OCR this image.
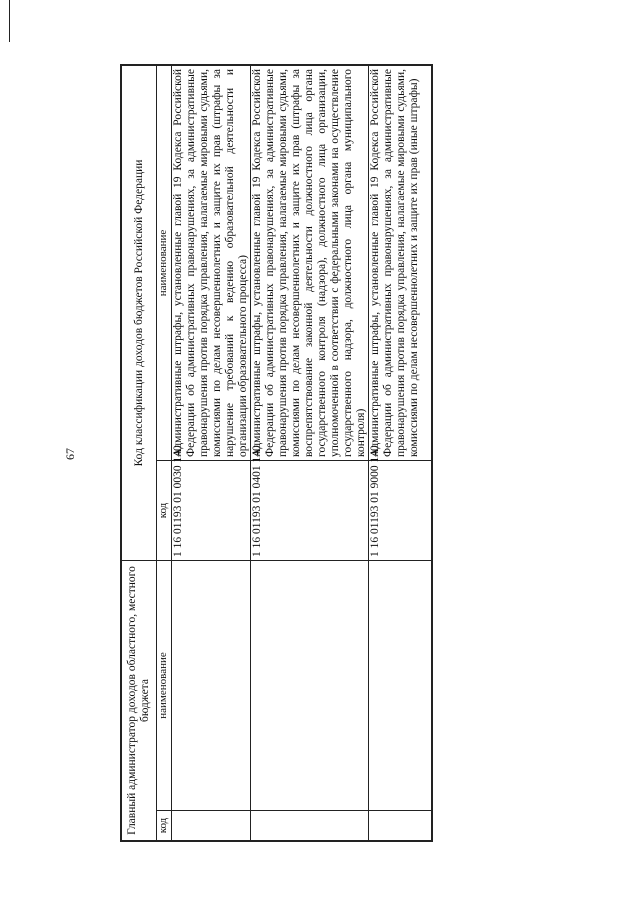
67
Главный администратор доходов областного, местного бюджета		Код классификации доходов бюджетов Российской Федерации	
код	наименование	код	наименование
		1 16 01193 01 0030 140	Административные штрафы, установленные главой 19 Кодекса Российской Федерации об административных правонарушениях, за административные правонарушения против порядка управления, налагаемые мировыми судьями, комиссиями по делам несовершеннолетних и защите их прав (штрафы за нарушение требований к ведению образовательной деятельности и организации образовательного процесса)
		1 16 01193 01 0401 140	Административные штрафы, установленные главой 19 Кодекса Российской Федерации об административных правонарушениях, за административные правонарушения против порядка управления, налагаемые мировыми судьями, комиссиями по делам несовершеннолетних и защите их прав (штрафы за воспрепятствование законной деятельности должностного лица органа государственного контроля (надзора), должностного лица организации, уполномоченной в соответствии с федеральными законами на осуществление государственного надзора, должностного лица органа муниципального контроля)
		1 16 01193 01 9000 140	Административные штрафы, установленные главой 19 Кодекса Российской Федерации об административных правонарушениях, за административные правонарушения против порядка управления, налагаемые мировыми судьями, комиссиями по делам несовершеннолетних и защите их прав (иные штрафы)
